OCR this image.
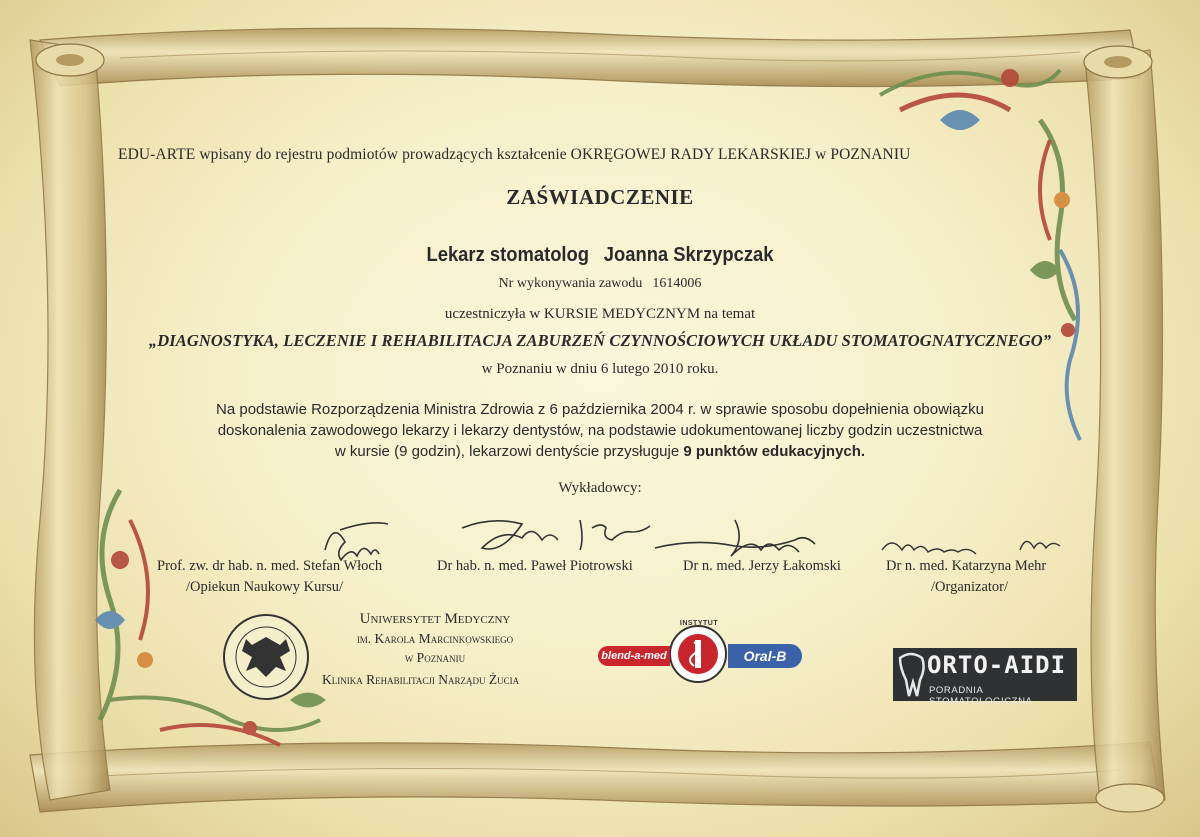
EDU-ARTE wpisany do rejestru podmiotów prowadzących kształcenie OKRĘGOWEJ RADY LEKARSKIEJ w POZNANIU
ZAŚWIADCZENIE
Lekarz stomatolog Joanna Skrzypczak
Nr wykonywania zawodu 1614006
uczestniczyła w KURSIE MEDYCZNYM na temat
„DIAGNOSTYKA, LECZENIE I REHABILITACJA ZABURZEŃ CZYNNOŚCIOWYCH UKŁADU STOMATOGNATYCZNEGO”
w Poznaniu w dniu 6 lutego 2010 roku.
Na podstawie Rozporządzenia Ministra Zdrowia z 6 października 2004 r. w sprawie sposobu dopełnienia obowiązku
doskonalenia zawodowego lekarzy i lekarzy dentystów, na podstawie udokumentowanej liczby godzin uczestnictwa
w kursie (9 godzin), lekarzowi dentyście przysługuje 9 punktów edukacyjnych.
Wykładowcy:
Prof. zw. dr hab. n. med. Stefan Włoch
/Opiekun Naukowy Kursu/
Dr hab. n. med. Paweł Piotrowski	Dr n. med. Jerzy Łakomski	Dr n. med. Katarzyna Mehr
/Organizator/
Uniwersytet Medyczny
im. Karola Marcinkowskiego
w Poznaniu
Klinika Rehabilitacji Narządu Żucia
blend-a-med
INSTYTUT
Oral-B	ORTO-AIDI
PORADNIA STOMATOLOGICZNA
